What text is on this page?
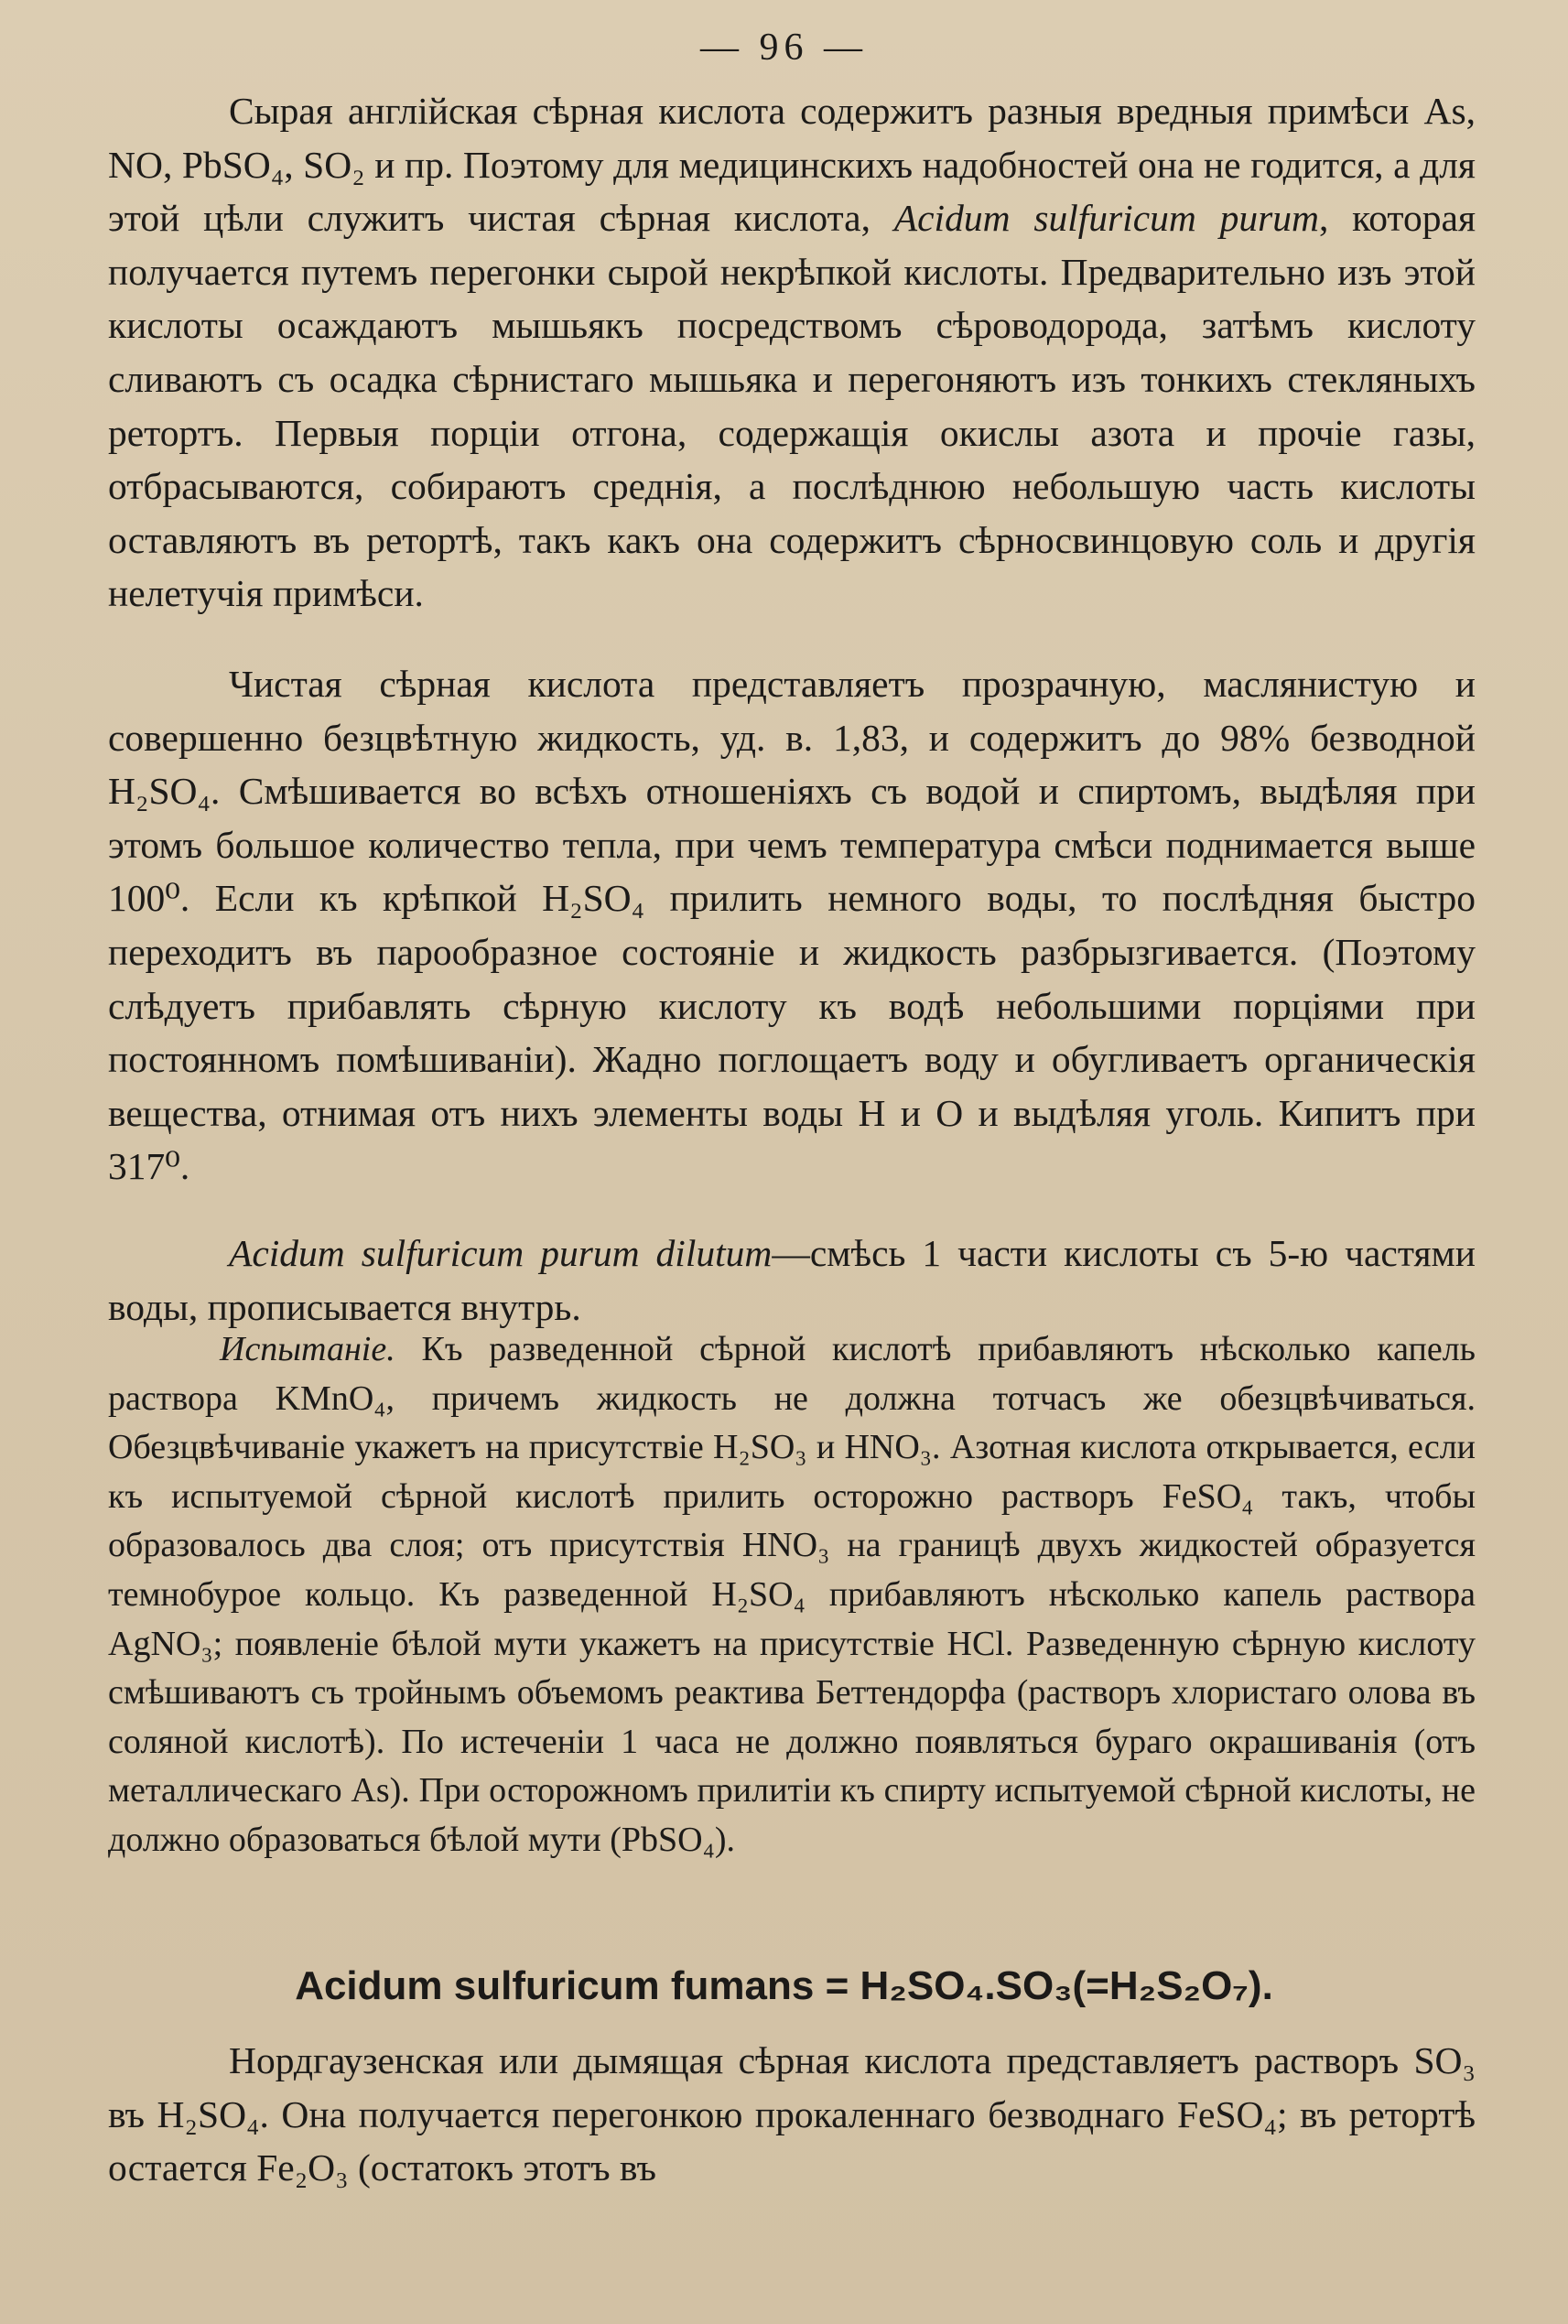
— 96 —

Сырая англійская сѣрная кислота содержитъ разныя вредныя примѣси As, NO, PbSO₄, SO₂ и пр. Поэтому для медицинскихъ надобностей она не годится, а для этой цѣли служитъ чистая сѣрная кислота, Acidum sulfuricum purum, которая получается путемъ перегонки сырой некрѣпкой кислоты. Предварительно изъ этой кислоты осаждаютъ мышьякъ посредствомъ сѣроводорода, затѣмъ кислоту сливаютъ съ осадка сѣрнистаго мышьяка и перегоняютъ изъ тонкихъ стекляныхъ ретортъ. Первыя порціи отгона, содержащія окислы азота и прочіе газы, отбрасываются, собираютъ среднія, а послѣднюю небольшую часть кислоты оставляютъ въ ретортѣ, такъ какъ она содержитъ сѣрносвинцовую соль и другія нелетучія примѣси.

Чистая сѣрная кислота представляетъ прозрачную, маслянистую и совершенно безцвѣтную жидкость, уд. в. 1,83, и содержитъ до 98% безводной H₂SO₄. Смѣшивается во всѣхъ отношеніяхъ съ водой и спиртомъ, выдѣляя при этомъ большое количество тепла, при чемъ температура смѣси поднимается выше 100⁰. Если къ крѣпкой H₂SO₄ прилить немного воды, то послѣдняя быстро переходитъ въ парообразное состояніе и жидкость разбрызгивается. (Поэтому слѣдуетъ прибавлять сѣрную кислоту къ водѣ небольшими порціями при постоянномъ помѣшиваніи). Жадно поглощаетъ воду и обугливаетъ органическія вещества, отнимая отъ нихъ элементы воды H и O и выдѣляя уголь. Кипитъ при 317⁰.

Acidum sulfuricum purum dilutum—смѣсь 1 части кислоты съ 5-ю частями воды, прописывается внутрь.

Испытаніе. Къ разведенной сѣрной кислотѣ прибавляютъ нѣсколько капель раствора KMnO₄, причемъ жидкость не должна тотчасъ же обезцвѣчиваться. Обезцвѣчиваніе укажетъ на присутствіе H₂SO₃ и HNO₃. Азотная кислота открывается, если къ испытуемой сѣрной кислотѣ прилить осторожно растворъ FeSO₄ такъ, чтобы образовалось два слоя; отъ присутствія HNO₃ на границѣ двухъ жидкостей образуется темнобурое кольцо. Къ разведенной H₂SO₄ прибавляютъ нѣсколько капель раствора AgNO₃; появленіе бѣлой мути укажетъ на присутствіе HCl. Разведенную сѣрную кислоту смѣшиваютъ съ тройнымъ объемомъ реактива Беттендорфа (растворъ хлористаго олова въ соляной кислотѣ). По истеченіи 1 часа не должно появляться бураго окрашиванія (отъ металлическаго As). При осторожномъ прилитіи къ спирту испытуемой сѣрной кислоты, не должно образоваться бѣлой мути (PbSO₄).

Acidum sulfuricum fumans = H₂SO₄.SO₃(=H₂S₂O₇).

Нордгаузенская или дымящая сѣрная кислота представляетъ растворъ SO₃ въ H₂SO₄. Она получается перегонкою прокаленнаго безводнаго FeSO₄; въ ретортѣ остается Fe₂O₃ (остатокъ этотъ въ
